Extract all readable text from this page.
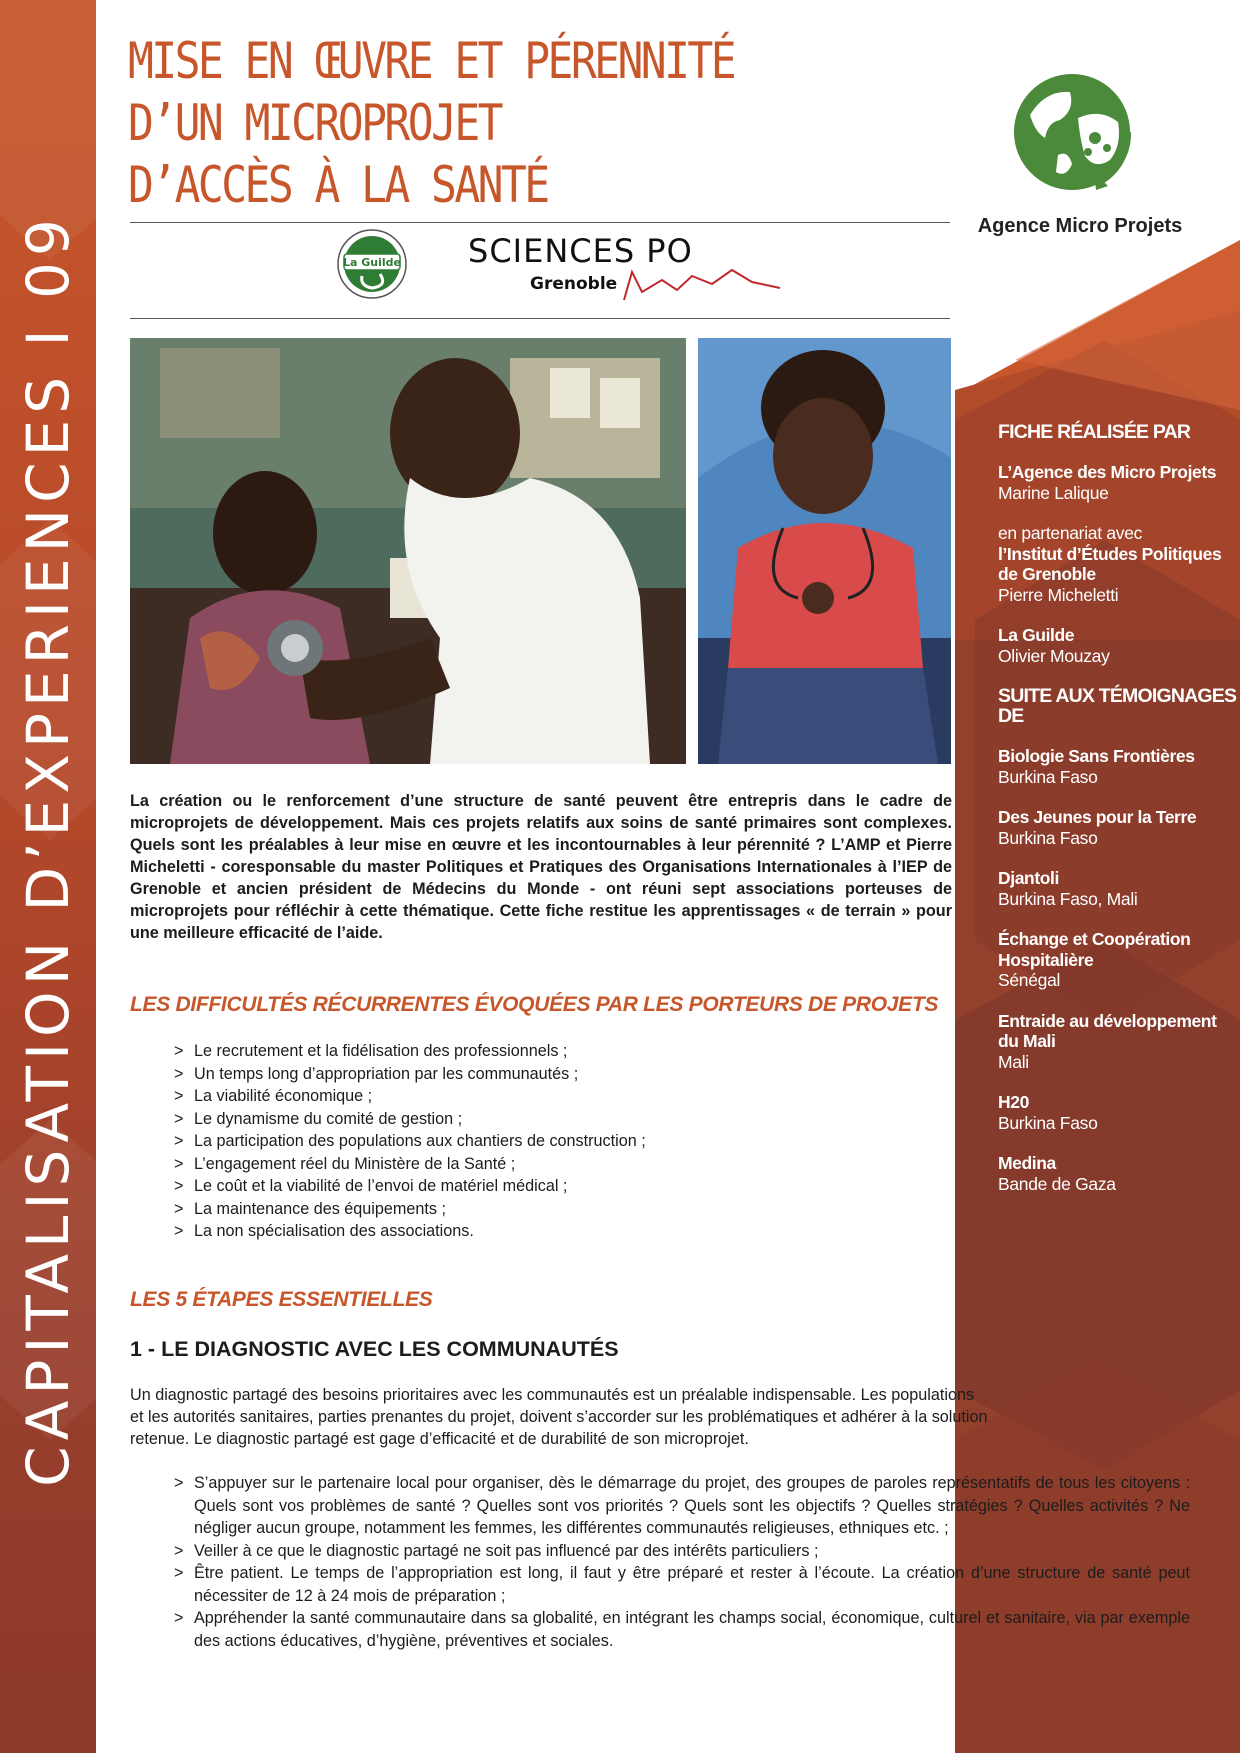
CAPITALISATION D’EXPERIENCES I 09
MISE EN ŒUVRE ET PÉRENNITÉ D’UN MICROPROJET
D’ACCÈS À LA SANTÉ
Agence Micro Projets
La Guilde SCIENCES PO
Grenoble
La création ou le renforcement d’une structure de santé peuvent être entrepris dans le cadre de microprojets de développement. Mais ces projets relatifs aux soins de santé primaires sont complexes. Quels sont les préalables à leur mise en œuvre et les incontournables à leur pérennité ? L’AMP et Pierre Micheletti - coresponsable du master Politiques et Pratiques des Organisations Internationales à l’IEP de Grenoble et ancien président de Médecins du Monde - ont réuni sept associations porteuses de microprojets pour réfléchir à cette thématique. Cette fiche restitue les apprentissages « de terrain » pour une meilleure efficacité de l’aide.
LES DIFFICULTÉS RÉCURRENTES ÉVOQUÉES PAR LES PORTEURS DE PROJETS
> Le recrutement et la fidélisation des professionnels ;
> Un temps long d’appropriation par les communautés ;
> La viabilité économique ;
> Le dynamisme du comité de gestion ;
> La participation des populations aux chantiers de construction ;
> L’engagement réel du Ministère de la Santé ;
> Le coût et la viabilité de l’envoi de matériel médical ;
> La maintenance des équipements ;
> La non spécialisation des associations.
LES 5 ÉTAPES ESSENTIELLES
1 - LE DIAGNOSTIC AVEC LES COMMUNAUTÉS
Un diagnostic partagé des besoins prioritaires avec les communautés est un préalable indispensable. Les populations
et les autorités sanitaires, parties prenantes du projet, doivent s’accorder sur les problématiques et adhérer à la solution
retenue. Le diagnostic partagé est gage d’efficacité et de durabilité de son microprojet.
> S’appuyer sur le partenaire local pour organiser, dès le démarrage du projet, des groupes de paroles représentatifs de tous les citoyens : Quels sont vos problèmes de santé ? Quelles sont vos priorités ? Quels sont les objectifs ? Quelles stratégies ? Quelles activités ? Ne négliger aucun groupe, notamment les femmes, les différentes communautés religieuses, ethniques etc. ;
> Veiller à ce que le diagnostic partagé ne soit pas influencé par des intérêts particuliers ;
> Être patient. Le temps de l’appropriation est long, il faut y être préparé et rester à l’écoute. La création d’une structure de santé peut nécessiter de 12 à 24 mois de préparation ;
> Appréhender la santé communautaire dans sa globalité, en intégrant les champs social, économique, culturel et sanitaire, via par exemple des actions éducatives, d’hygiène, préventives et sociales.
FICHE RÉALISÉE PAR
L’Agence des Micro Projets
Marine Lalique
en partenariat avec
l’Institut d’Études Politiques de Grenoble
Pierre Micheletti
La Guilde
Olivier Mouzay
SUITE AUX TÉMOIGNAGES DE
Biologie Sans Frontières
Burkina Faso
Des Jeunes pour la Terre
Burkina Faso
Djantoli
Burkina Faso, Mali
Échange et Coopération Hospitalière
Sénégal
Entraide au développement du Mali
Mali
H20
Burkina Faso
Medina
Bande de Gaza
